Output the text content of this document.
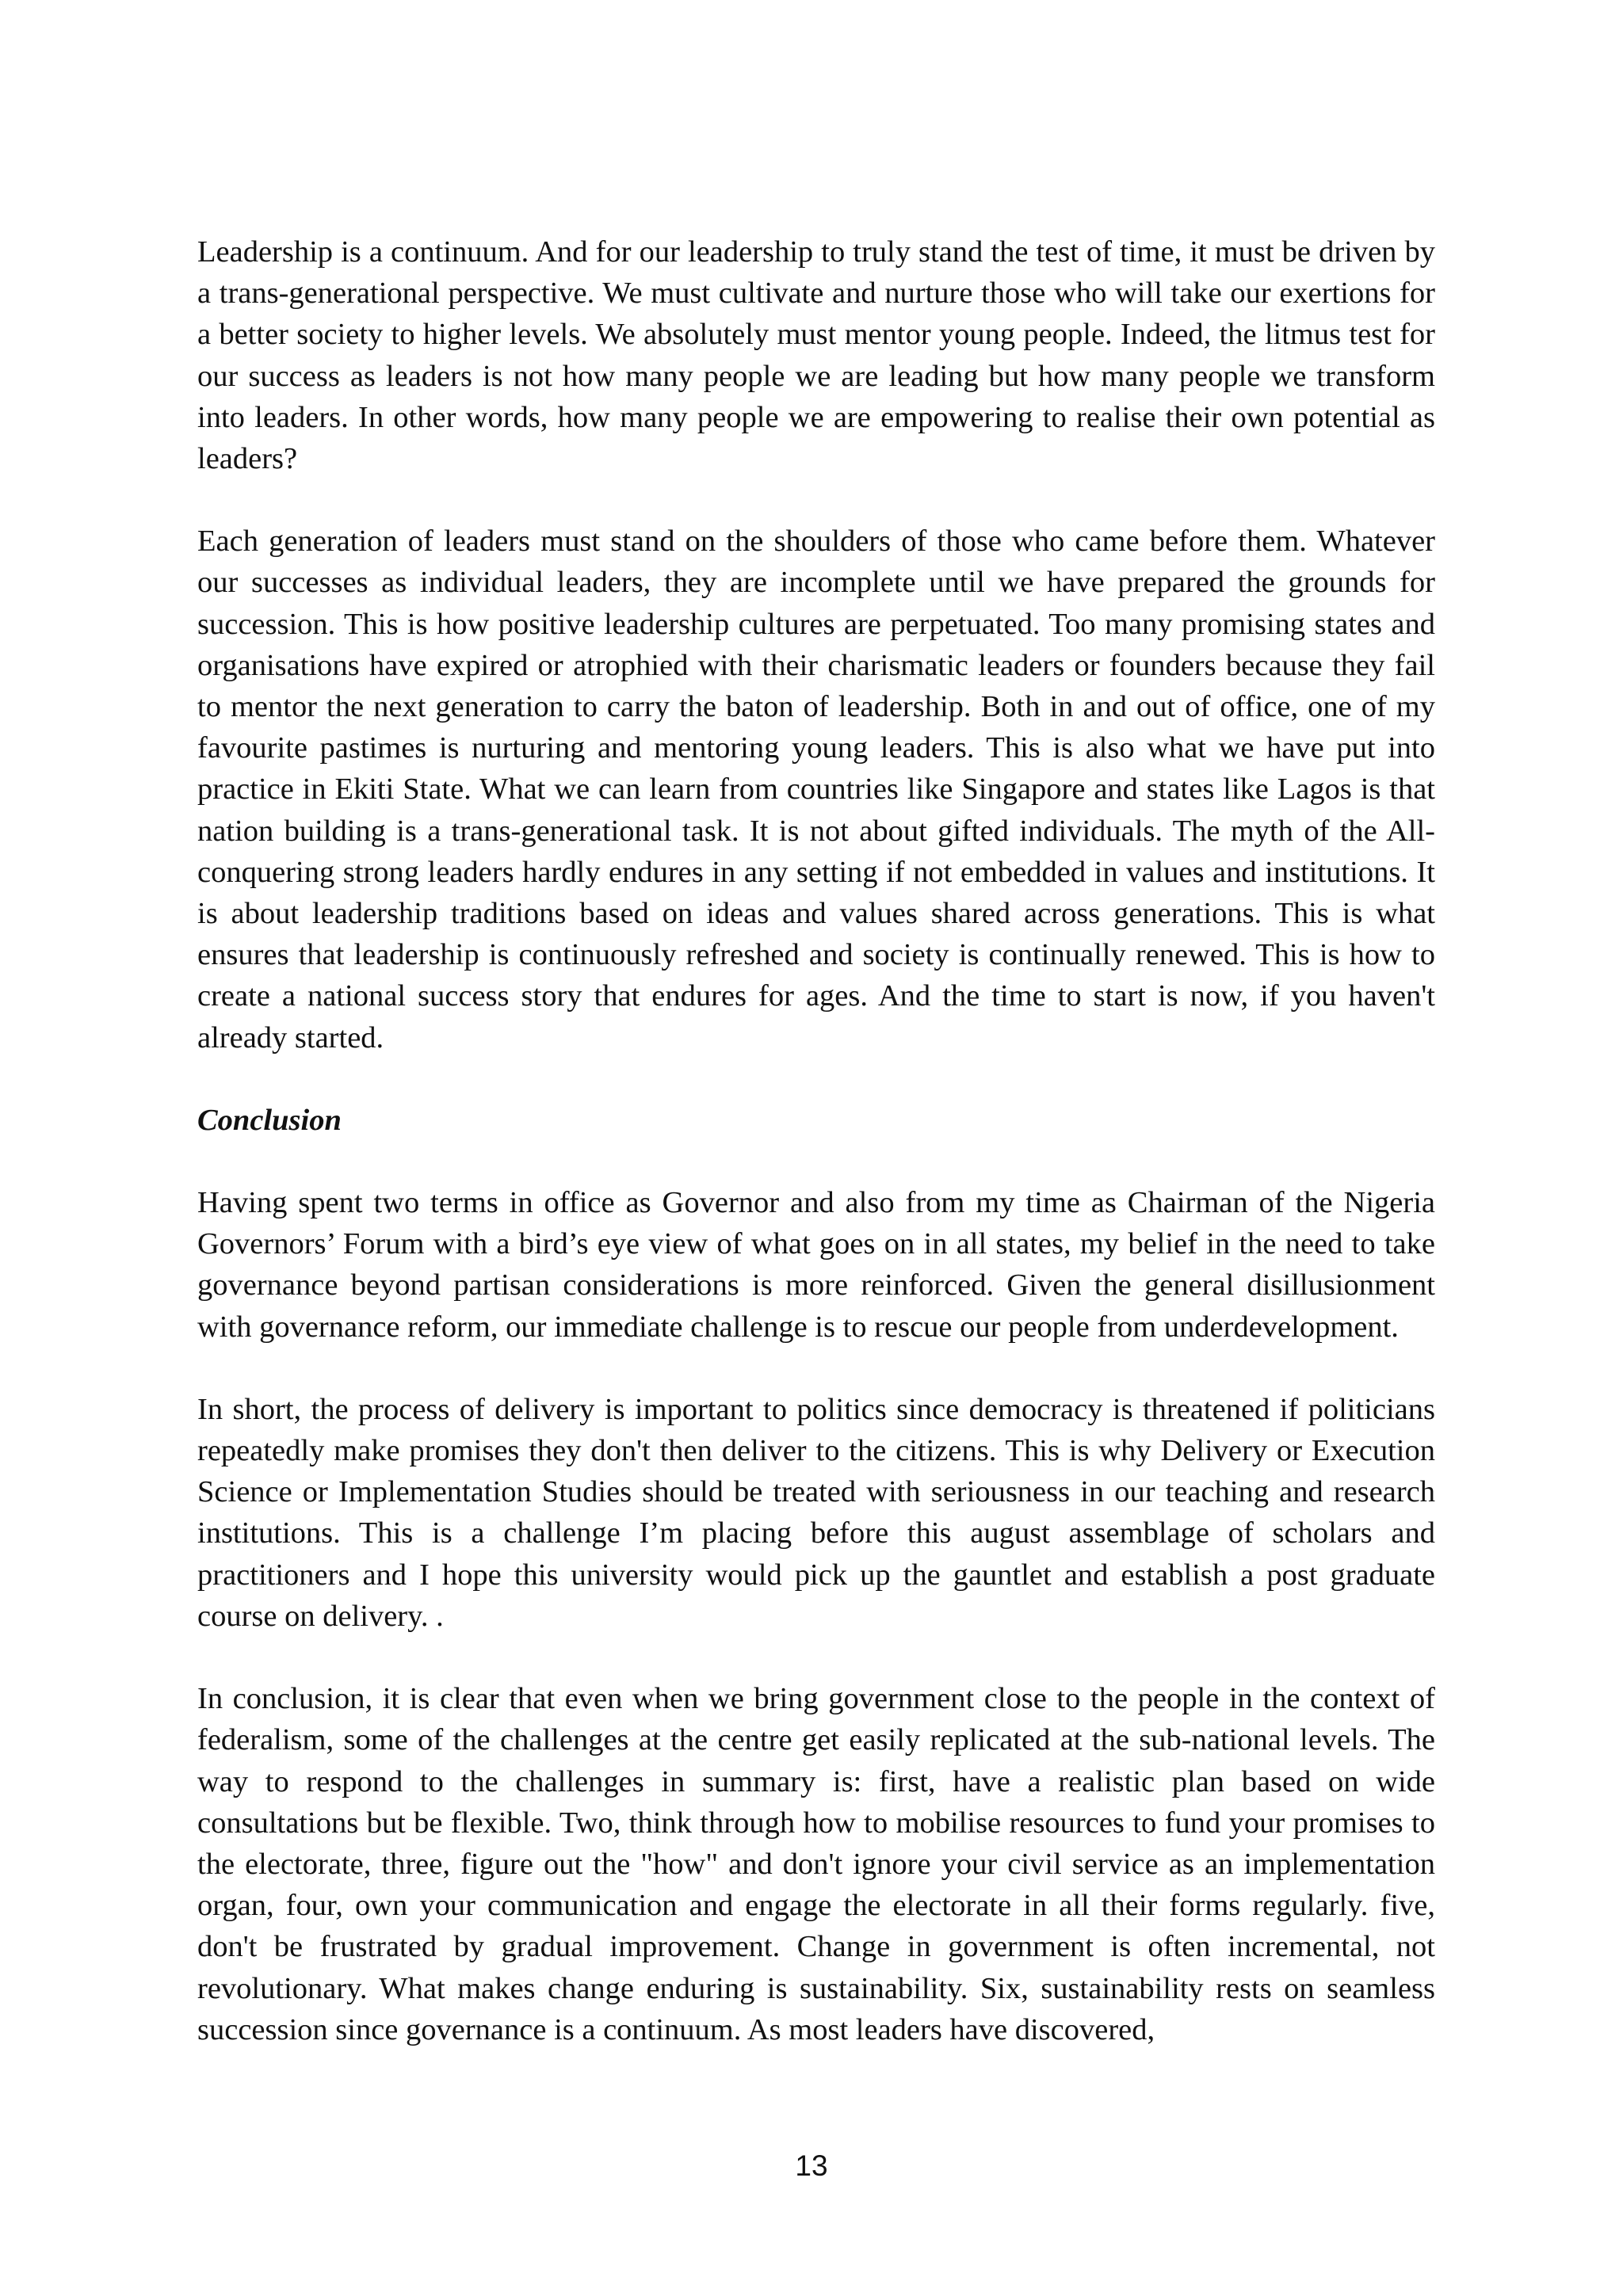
Leadership is a continuum. And for our leadership to truly stand the test of time, it must be driven by a trans-generational perspective. We must cultivate and nurture those who will take our exertions for a better society to higher levels. We absolutely must mentor young people. Indeed, the litmus test for our success as leaders is not how many people we are leading but how many people we transform into leaders. In other words, how many people we are empowering to realise their own potential as leaders?

Each generation of leaders must stand on the shoulders of those who came before them. Whatever our successes as individual leaders, they are incomplete until we have prepared the grounds for succession. This is how positive leadership cultures are perpetuated. Too many promising states and organisations have expired or atrophied with their charismatic leaders or founders because they fail to mentor the next generation to carry the baton of leadership. Both in and out of office, one of my favourite pastimes is nurturing and mentoring young leaders. This is also what we have put into practice in Ekiti State. What we can learn from countries like Singapore and states like Lagos is that nation building is a trans-generational task. It is not about gifted individuals. The myth of the All-conquering strong leaders hardly endures in any setting if not embedded in values and institutions. It is about leadership traditions based on ideas and values shared across generations. This is what ensures that leadership is continuously refreshed and society is continually renewed. This is how to create a national success story that endures for ages. And the time to start is now, if you haven't already started.

Conclusion

Having spent two terms in office as Governor and also from my time as Chairman of the Nigeria Governors’ Forum with a bird’s eye view of what goes on in all states, my belief in the need to take governance beyond partisan considerations is more reinforced. Given the general disillusionment with governance reform, our immediate challenge is to rescue our people from underdevelopment.

In short, the process of delivery is important to politics since democracy is threatened if politicians repeatedly make promises they don't then deliver to the citizens. This is why Delivery or Execution Science or Implementation Studies should be treated with seriousness in our teaching and research institutions. This is a challenge I’m placing before this august assemblage of scholars and practitioners and I hope this university would pick up the gauntlet and establish a post graduate course on delivery. .

In conclusion, it is clear that even when we bring government close to the people in the context of federalism, some of the challenges at the centre get easily replicated at the sub-national levels. The way to respond to the challenges in summary is: first, have a realistic plan based on wide consultations but be flexible. Two, think through how to mobilise resources to fund your promises to the electorate, three, figure out the "how" and don't ignore your civil service as an implementation organ, four, own your communication and engage the electorate in all their forms regularly. five, don't be frustrated by gradual improvement. Change in government is often incremental, not revolutionary. What makes change enduring is sustainability. Six, sustainability rests on seamless succession since governance is a continuum. As most leaders have discovered,

13
